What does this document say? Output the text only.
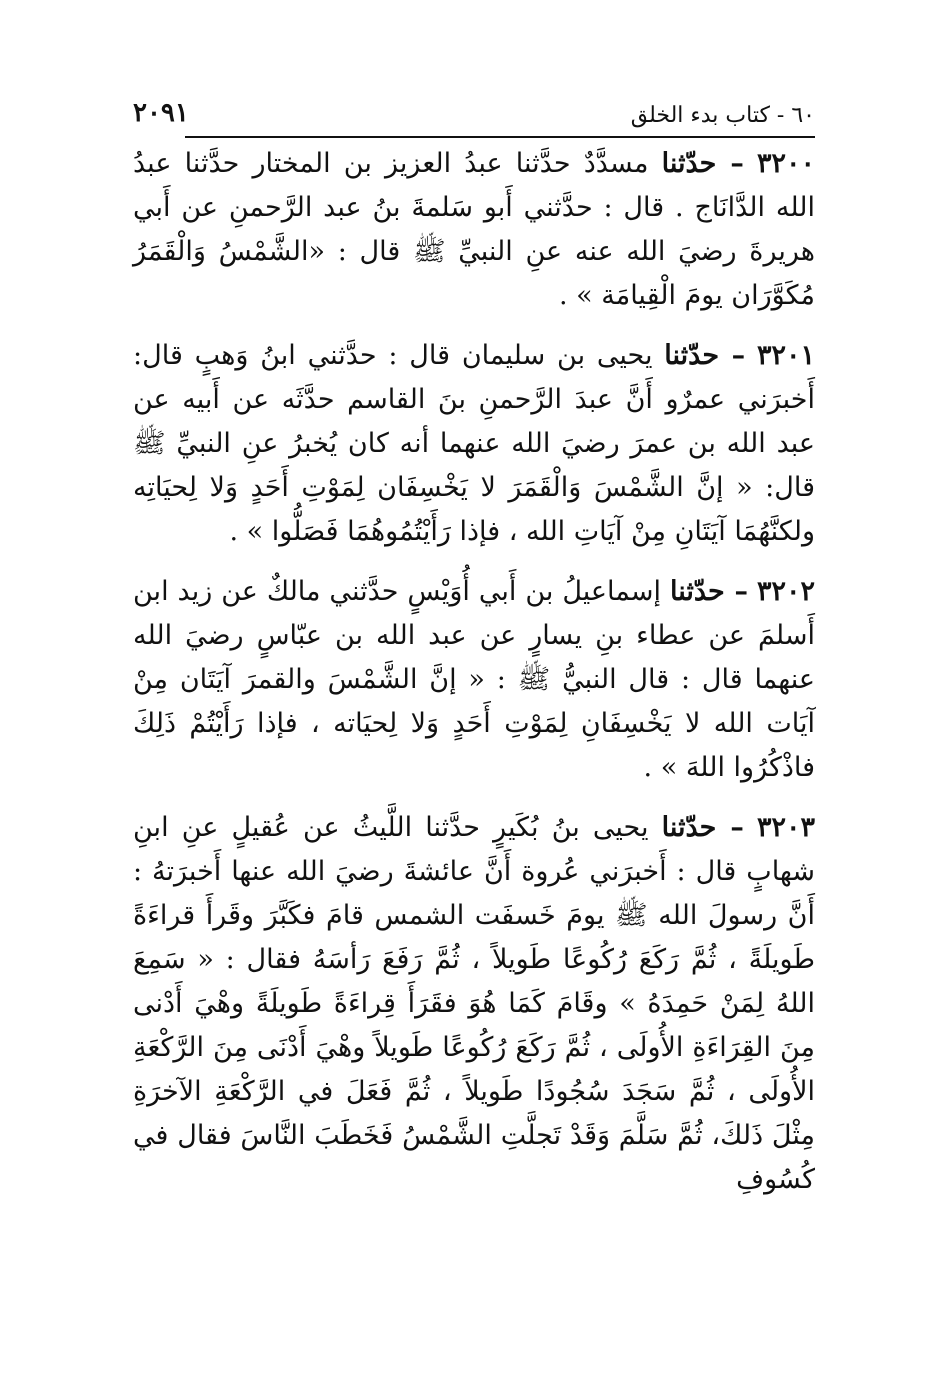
٦٠ - كتاب بدء الخلق
٢٠٩١

٣٢٠٠ – حدّثنا مسدَّدٌ حدَّثنا عبدُ العزيز بن المختار حدَّثنا عبدُ الله الدَّانَاج . قال : حدَّثني أَبو سَلمةَ بنُ عبد الرَّحمنِ عن أَبي هريرةَ رضيَ الله عنه عنِ النبيِّ ﷺ قال : «الشَّمْسُ وَالْقَمَرُ مُكَوَّرَان يومَ الْقِيامَة » .

٣٢٠١ – حدّثنا يحيى بن سليمان قال : حدَّثني ابنُ وَهبٍ قال: أَخبرَني عمرٌو أَنَّ عبدَ الرَّحمنِ بنَ القاسم حدَّثَه عن أَبيه عن عبد الله بن عمرَ رضيَ الله عنهما أنه كان يُخبرُ عنِ النبيِّ ﷺ قال: « إنَّ الشَّمْسَ وَالْقَمَرَ لا يَخْسِفَان لِمَوْتِ أَحَدٍ وَلا لِحيَاتِه ولكنَّهُمَا آيَتَانِ مِنْ آيَاتِ الله ، فإذا رَأَيْتُمُوهُمَا فَصَلُّوا » .

٣٢٠٢ – حدّثنا إسماعيلُ بن أَبي أُوَيْسٍ حدَّثني مالكٌ عن زيد ابن أَسلمَ عن عطاء بنِ يسارٍ عن عبد الله بن عبّاسٍ رضيَ الله عنهما قال : قال النبيُّ ﷺ : « إنَّ الشَّمْسَ والقمرَ آيَتَان مِنْ آيَات الله لا يَخْسِفَانِ لِمَوْتِ أَحَدٍ وَلا لِحيَاته ، فإذا رَأَيْتُمْ ذَلِكَ فاذْكُرُوا اللهَ » .

٣٢٠٣ – حدّثنا يحيى بنُ بُكَيرٍ حدَّثنا اللَّيثُ عن عُقيلٍ عنِ ابنِ شهابٍ قال : أَخبرَني عُروة أَنَّ عائشةَ رضيَ الله عنها أَخبرَتهُ : أَنَّ رسولَ الله ﷺ يومَ خَسفَت الشمس قامَ فكَبَّرَ وقَرأَ قراءَةً طَويلَةً ، ثُمَّ رَكَعَ رُكُوعًا طَويلاً ، ثُمَّ رَفَعَ رَأسَهُ فقال : « سَمِعَ اللهُ لِمَنْ حَمِدَهُ » وقَامَ كَمَا هُوَ فقَرَأَ قِراءَةً طَويلَةً وهْيَ أَدْنى مِنَ القِرَاءَةِ الأُولَى ، ثُمَّ رَكَعَ رُكُوعًا طَويلاً وهْيَ أَدْنَى مِنَ الرَّكْعَةِ الأُولَى ، ثُمَّ سَجَدَ سُجُودًا طَويلاً ، ثُمَّ فَعَلَ في الرَّكْعَةِ الآخرَةِ مِثْلَ ذَلكَ، ثُمَّ سَلَّمَ وَقَدْ تَجلَّتِ الشَّمْسُ فَخَطَبَ النَّاسَ فقال في كُسُوفِ
